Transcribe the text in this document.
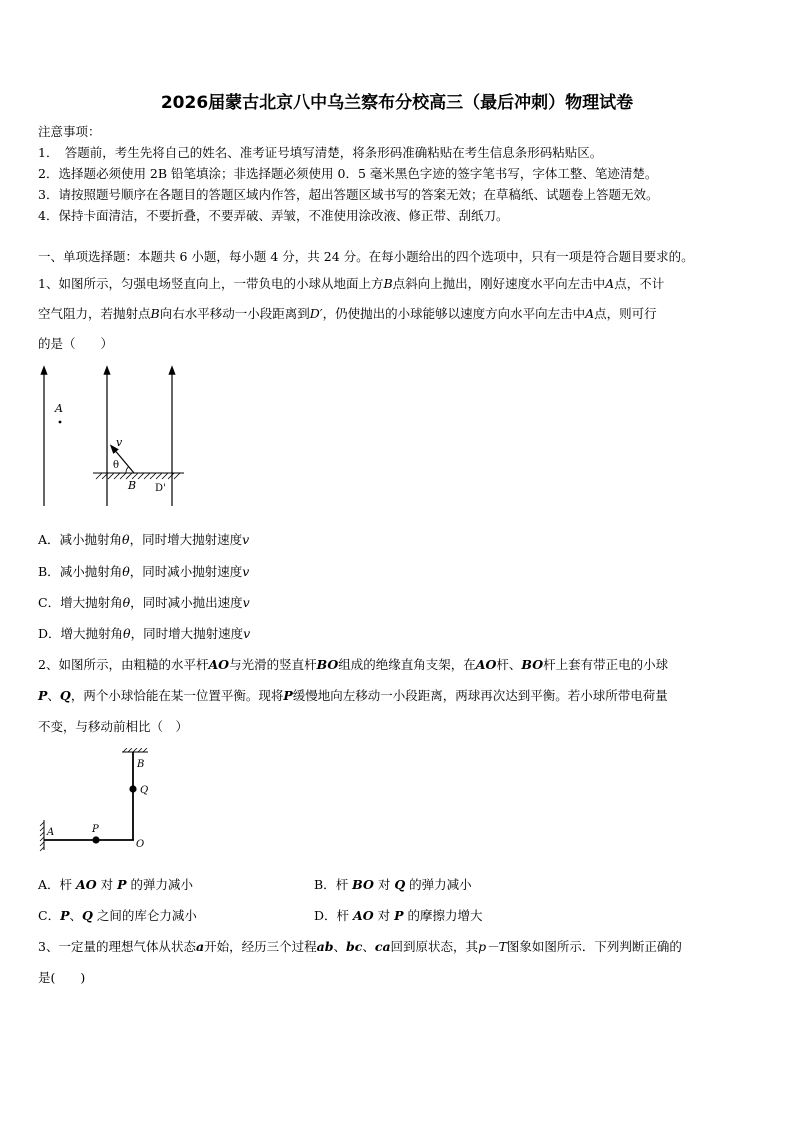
2026届蒙古北京八中乌兰察布分校高三（最后冲刺）物理试卷
注意事项：
1．　答题前，考生先将自己的姓名、准考证号填写清楚，将条形码准确粘贴在考生信息条形码粘贴区。
2．选择题必须使用 2B 铅笔填涂；非选择题必须使用 0．5 毫米黑色字迹的签字笔书写，字体工整、笔迹清楚。
3．请按照题号顺序在各题目的答题区域内作答，超出答题区域书写的答案无效；在草稿纸、试题卷上答题无效。
4．保持卡面清洁，不要折叠，不要弄破、弄皱，不准使用涂改液、修正带、刮纸刀。
一、单项选择题：本题共 6 小题，每小题 4 分，共 24 分。在每小题给出的四个选项中，只有一项是符合题目要求的。
1、如图所示，匀强电场竖直向上，一带负电的小球从地面上方B点斜向上抛出，刚好速度水平向左击中A点，不计
空气阻力，若抛射点B向右水平移动一小段距离到D′，仍使抛出的小球能够以速度方向水平向左击中A点，则可行
的是（　　）
A
v
θ
B D'
A．减小抛射角θ，同时增大抛射速度v
B．减小抛射角θ，同时减小抛射速度v
C．增大抛射角θ，同时减小抛出速度v
D．增大抛射角θ，同时增大抛射速度v
2、如图所示，由粗糙的水平杆AO与光滑的竖直杆BO组成的绝缘直角支架，在AO杆、BO杆上套有带正电的小球
P、Q，两个小球恰能在某一位置平衡。现将P缓慢地向左移动一小段距离，两球再次达到平衡。若小球所带电荷量
不变，与移动前相比（　）
B
Q
A	P
O
A．杆 AO 对 P 的弹力减小	B．杆 BO 对 Q 的弹力减小
C．P、Q 之间的库仑力减小	D．杆 AO 对 P 的摩擦力增大
3、一定量的理想气体从状态a开始，经历三个过程ab、bc、ca回到原状态，其p－T图象如图所示．下列判断正确的
是(　　)
